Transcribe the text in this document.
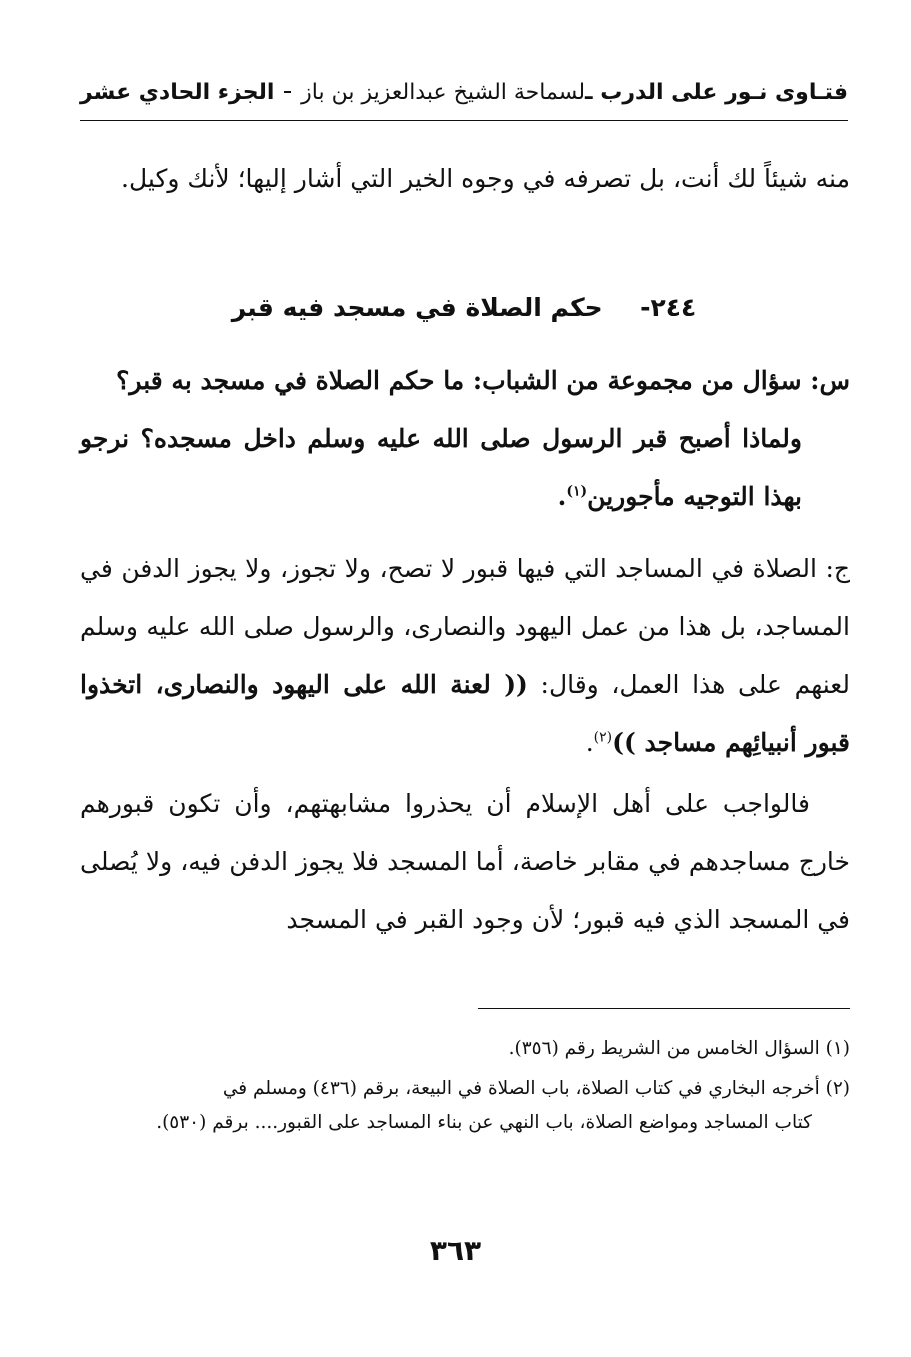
فتـاوى نـور على الدرب ـ
لسماحة الشيخ عبدالعزيز بن باز
الجزء الحادي عشر

منه شيئاً لك أنت، بل تصرفه في وجوه الخير التي أشار إليها؛ لأنك وكيل.

٢٤٤-  حكم الصلاة في مسجد فيه قبر

س: سؤال من مجموعة من الشباب: ما حكم الصلاة في مسجد به قبر؟

ولماذا أصبح قبر الرسول صلى الله عليه وسلم داخل مسجده؟ نرجو بهذا التوجيه مأجورين$^{(١)}$.

ج: الصلاة في المساجد التي فيها قبور لا تصح، ولا تجوز، ولا يجوز الدفن في المساجد، بل هذا من عمل اليهود والنصارى، والرسول صلى الله عليه وسلم لعنهم على هذا العمل، وقال: (( لعنة الله على اليهود والنصارى، اتخذوا قبور أنبيائِهم مساجد ))$^{(٢)}$.

فالواجب على أهل الإسلام أن يحذروا مشابهتهم، وأن تكون قبورهم خارج مساجدهم في مقابر خاصة، أما المسجد فلا يجوز الدفن فيه، ولا يُصلى في المسجد الذي فيه قبور؛ لأن وجود القبر في المسجد

(١) السؤال الخامس من الشريط رقم (٣٥٦).

(٢) أخرجه البخاري في كتاب الصلاة، باب الصلاة في البيعة، برقم (٤٣٦) ومسلم في
كتاب المساجد ومواضع الصلاة، باب النهي عن بناء المساجد على القبور.... برقم (٥٣٠).

٣٦٣
